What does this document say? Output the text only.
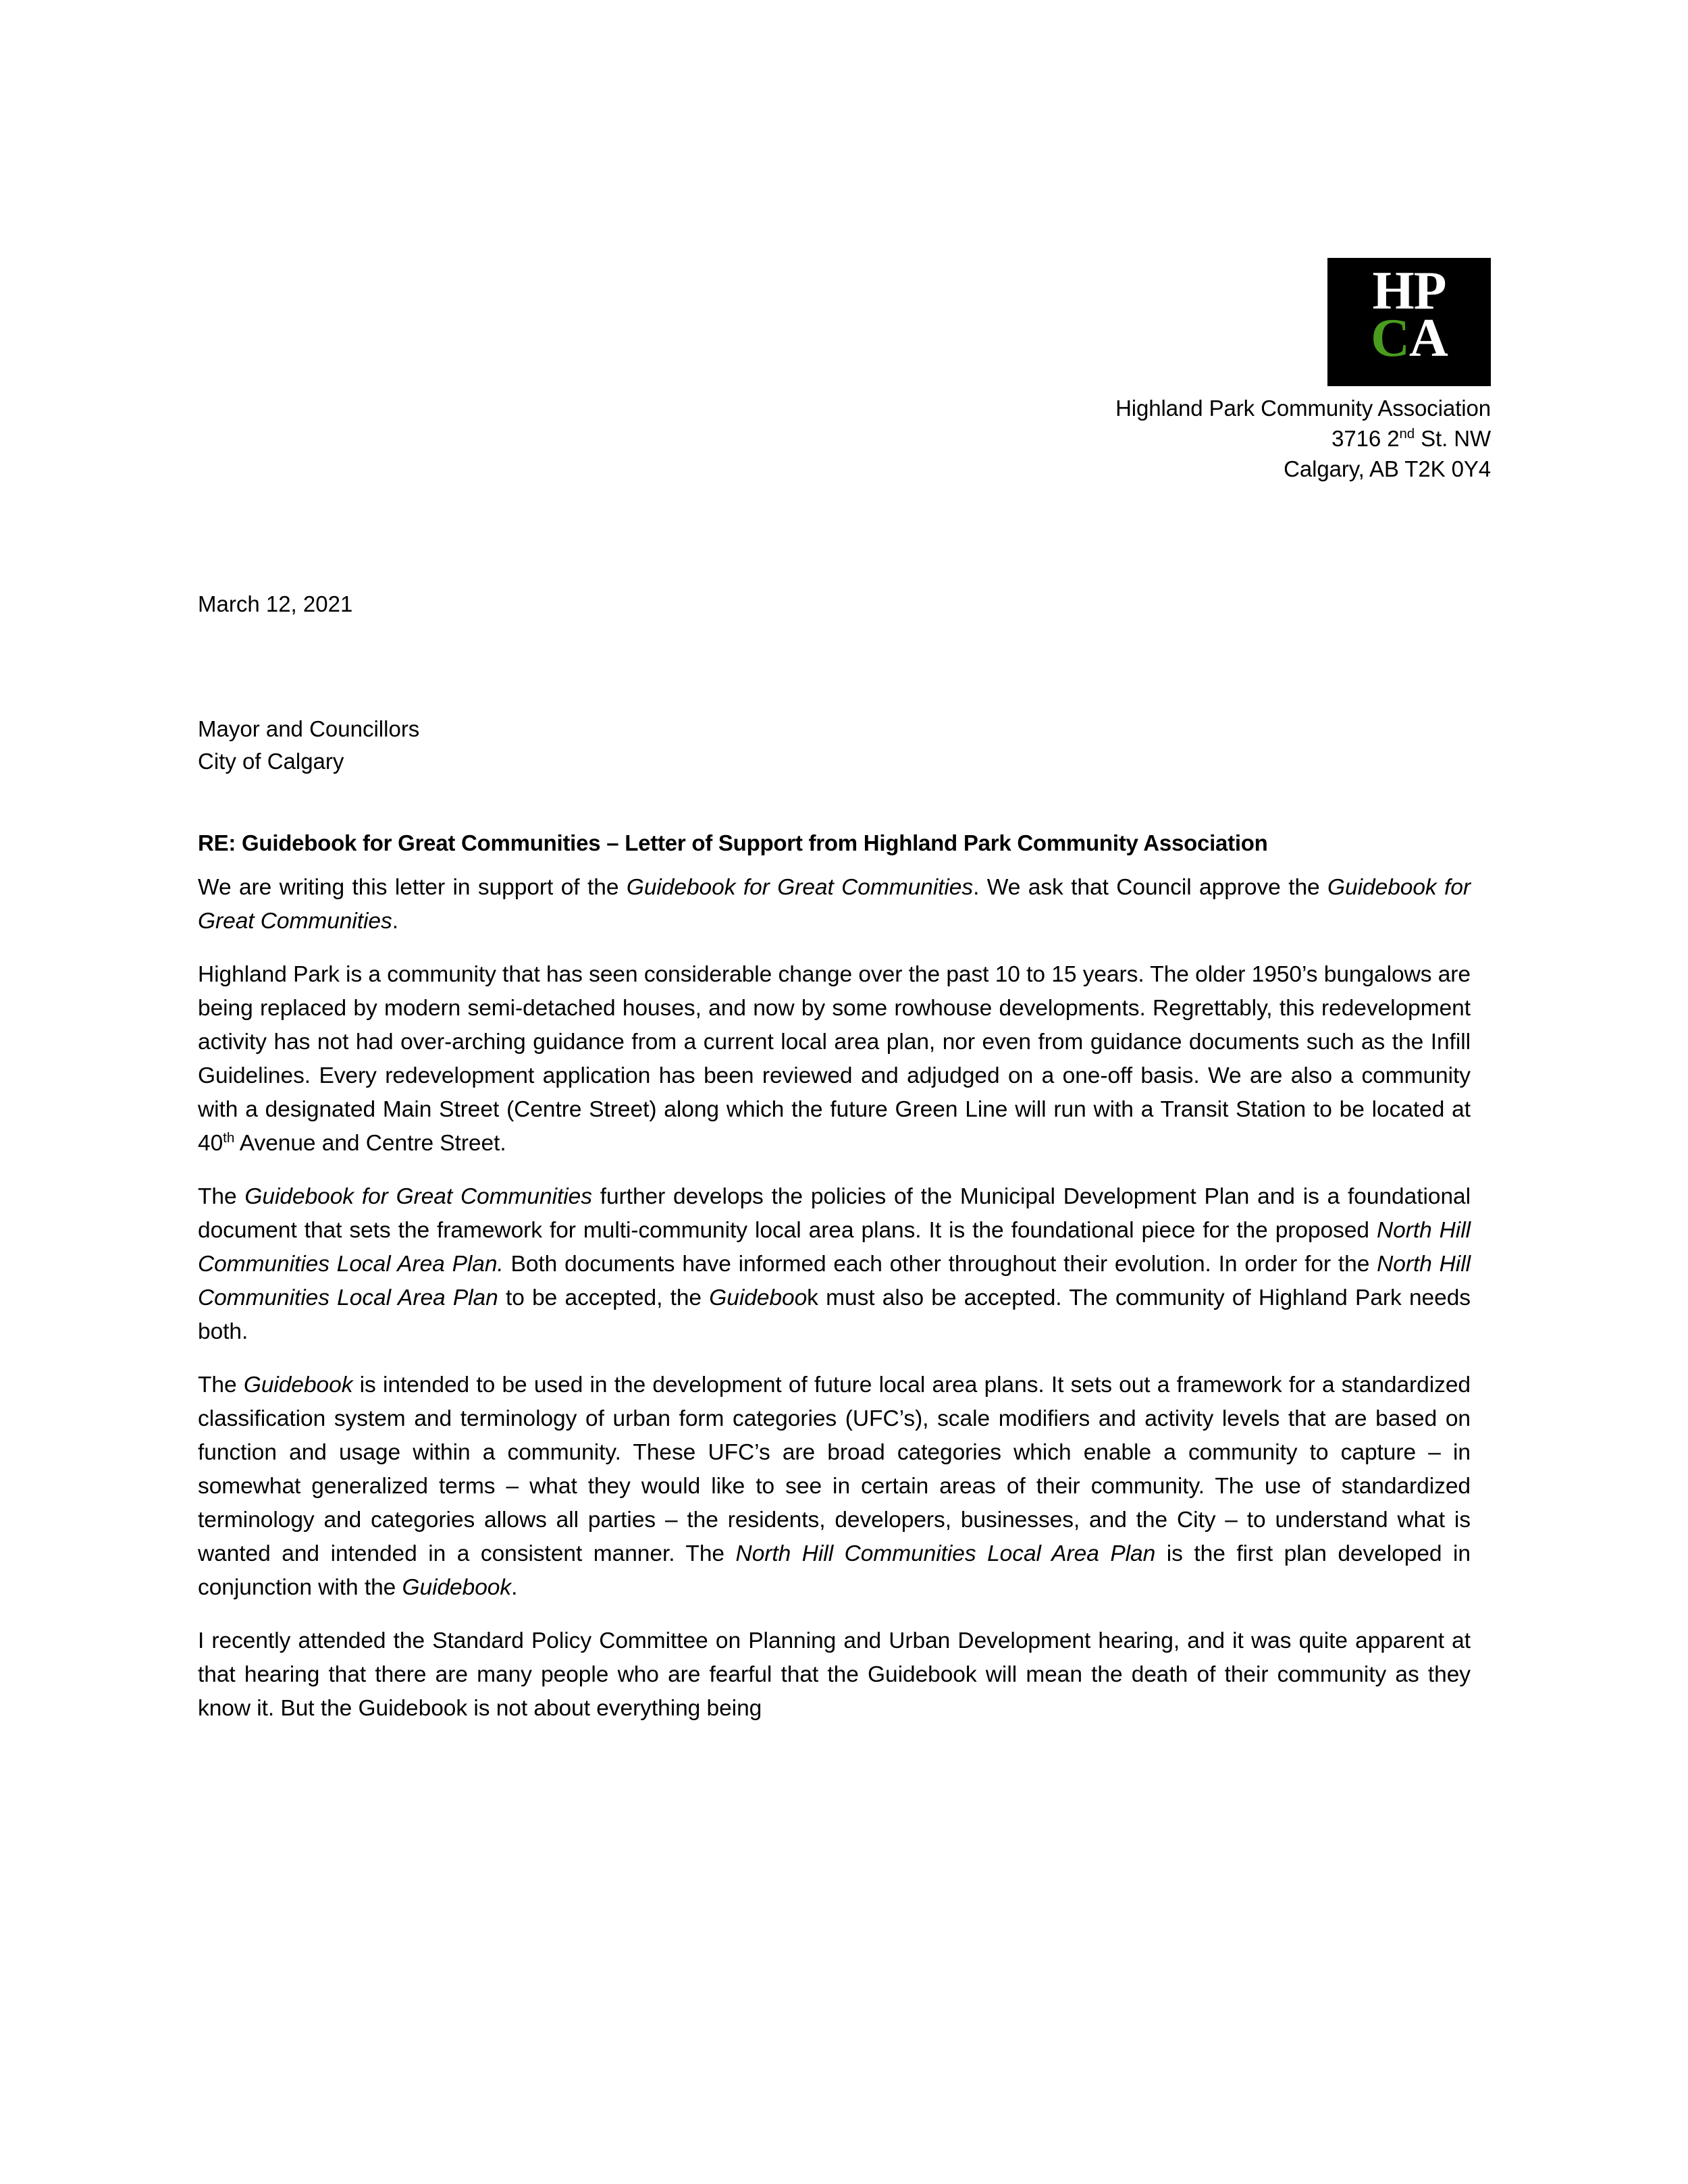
HP
CA
Highland Park Community Association
3716 2nd St. NW
Calgary, AB T2K 0Y4
March 12, 2021
Mayor and Councillors
City of Calgary
RE: Guidebook for Great Communities – Letter of Support from Highland Park Community Association

We are writing this letter in support of the Guidebook for Great Communities. We ask that Council approve the Guidebook for Great Communities.

Highland Park is a community that has seen considerable change over the past 10 to 15 years. The older 1950’s bungalows are being replaced by modern semi-detached houses, and now by some rowhouse developments. Regrettably, this redevelopment activity has not had over-arching guidance from a current local area plan, nor even from guidance documents such as the Infill Guidelines. Every redevelopment application has been reviewed and adjudged on a one-off basis. We are also a community with a designated Main Street (Centre Street) along which the future Green Line will run with a Transit Station to be located at 40th Avenue and Centre Street.

The Guidebook for Great Communities further develops the policies of the Municipal Development Plan and is a foundational document that sets the framework for multi-community local area plans. It is the foundational piece for the proposed North Hill Communities Local Area Plan. Both documents have informed each other throughout their evolution. In order for the North Hill Communities Local Area Plan to be accepted, the Guidebook must also be accepted. The community of Highland Park needs both.

The Guidebook is intended to be used in the development of future local area plans. It sets out a framework for a standardized classification system and terminology of urban form categories (UFC’s), scale modifiers and activity levels that are based on function and usage within a community. These UFC’s are broad categories which enable a community to capture – in somewhat generalized terms – what they would like to see in certain areas of their community. The use of standardized terminology and categories allows all parties – the residents, developers, businesses, and the City – to understand what is wanted and intended in a consistent manner. The North Hill Communities Local Area Plan is the first plan developed in conjunction with the Guidebook.

I recently attended the Standard Policy Committee on Planning and Urban Development hearing, and it was quite apparent at that hearing that there are many people who are fearful that the Guidebook will mean the death of their community as they know it. But the Guidebook is not about everything being
